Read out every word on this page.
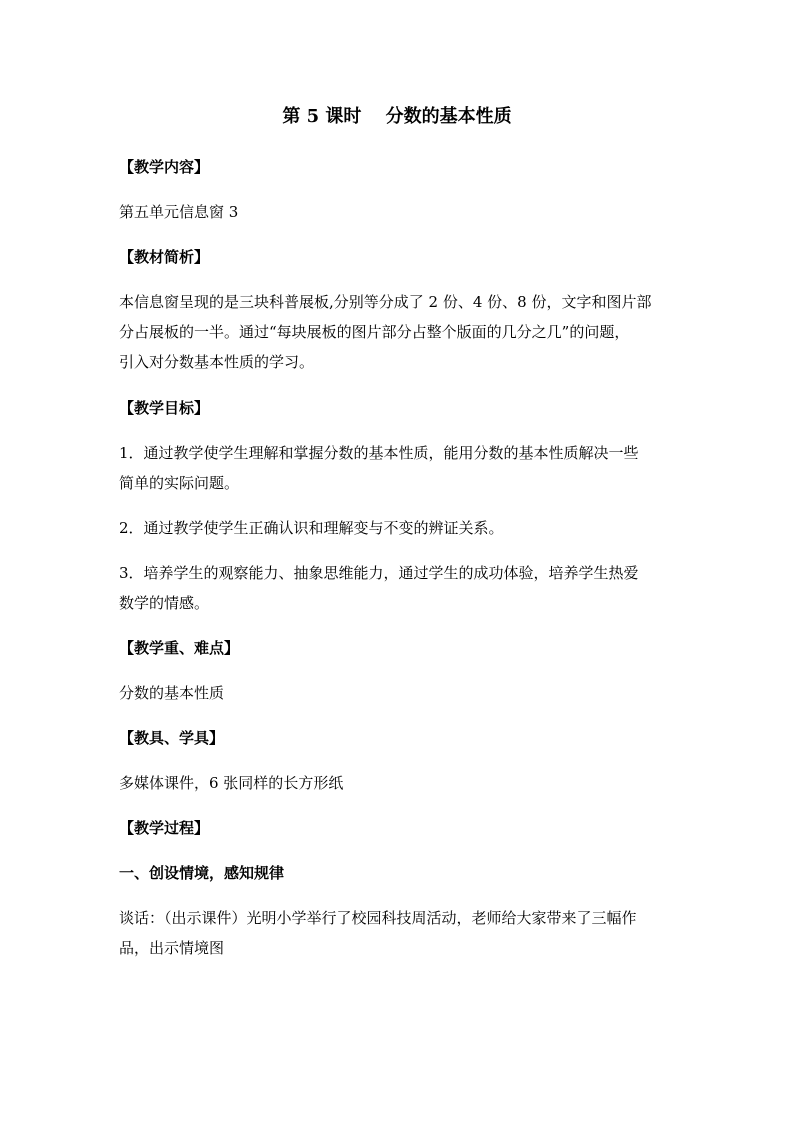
第 5 课时　 分数的基本性质
【教学内容】
第五单元信息窗 3
【教材简析】
本信息窗呈现的是三块科普展板,分别等分成了 2 份、4 份、8 份，文字和图片部
分占展板的一半。通过“每块展板的图片部分占整个版面的几分之几”的问题，
引入对分数基本性质的学习。
【教学目标】
1．通过教学使学生理解和掌握分数的基本性质，能用分数的基本性质解决一些
简单的实际问题。
2．通过教学使学生正确认识和理解变与不变的辨证关系。
3．培养学生的观察能力、抽象思维能力，通过学生的成功体验，培养学生热爱
数学的情感。
【教学重、难点】
分数的基本性质
【教具、学具】
多媒体课件，6 张同样的长方形纸
【教学过程】
一、创设情境，感知规律
谈话：（出示课件）光明小学举行了校园科技周活动，老师给大家带来了三幅作
品，出示情境图
